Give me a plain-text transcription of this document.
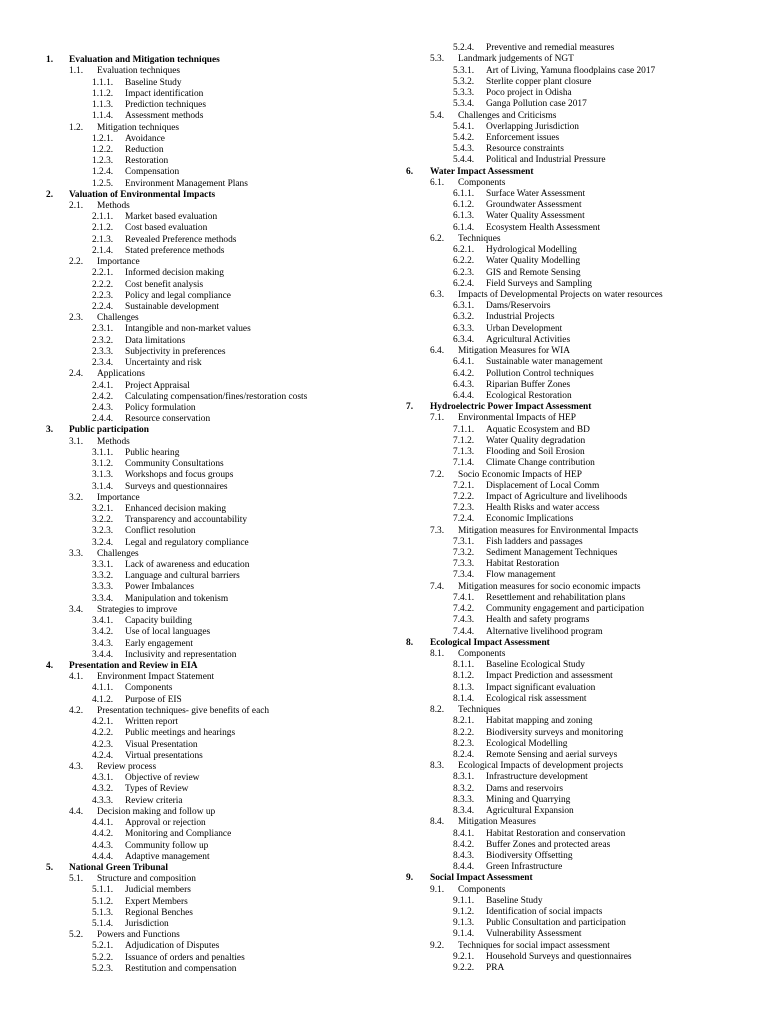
1. Evaluation and Mitigation techniques
1.1. Evaluation techniques
1.1.1. Baseline Study
1.1.2. Impact identification
1.1.3. Prediction techniques
1.1.4. Assessment methods
1.2. Mitigation techniques
1.2.1. Avoidance
1.2.2. Reduction
1.2.3. Restoration
1.2.4. Compensation
1.2.5. Environment Management Plans
2. Valuation of Environmental Impacts
2.1. Methods
2.1.1. Market based evaluation
2.1.2. Cost based evaluation
2.1.3. Revealed Preference methods
2.1.4. Stated preference methods
2.2. Importance
2.2.1. Informed decision making
2.2.2. Cost benefit analysis
2.2.3. Policy and legal compliance
2.2.4. Sustainable development
2.3. Challenges
2.3.1. Intangible and non-market values
2.3.2. Data limitations
2.3.3. Subjectivity in preferences
2.3.4. Uncertainty and risk
2.4. Applications
2.4.1. Project Appraisal
2.4.2. Calculating compensation/fines/restoration costs
2.4.3. Policy formulation
2.4.4. Resource conservation
3. Public participation
3.1. Methods
3.1.1. Public hearing
3.1.2. Community Consultations
3.1.3. Workshops and focus groups
3.1.4. Surveys and questionnaires
3.2. Importance
3.2.1. Enhanced decision making
3.2.2. Transparency and accountability
3.2.3. Conflict resolution
3.2.4. Legal and regulatory compliance
3.3. Challenges
3.3.1. Lack of awareness and education
3.3.2. Language and cultural barriers
3.3.3. Power Imbalances
3.3.4. Manipulation and tokenism
3.4. Strategies to improve
3.4.1. Capacity building
3.4.2. Use of local languages
3.4.3. Early engagement
3.4.4. Inclusivity and representation
4. Presentation and Review in EIA
4.1. Environment Impact Statement
4.1.1. Components
4.1.2. Purpose of EIS
4.2. Presentation techniques- give benefits of each
4.2.1. Written report
4.2.2. Public meetings and hearings
4.2.3. Visual Presentation
4.2.4. Virtual presentations
4.3. Review process
4.3.1. Objective of review
4.3.2. Types of Review
4.3.3. Review criteria
4.4. Decision making and follow up
4.4.1. Approval or rejection
4.4.2. Monitoring and Compliance
4.4.3. Community follow up
4.4.4. Adaptive management
5. National Green Tribunal
5.1. Structure and composition
5.1.1. Judicial members
5.1.2. Expert Members
5.1.3. Regional Benches
5.1.4. Jurisdiction
5.2. Powers and Functions
5.2.1. Adjudication of Disputes
5.2.2. Issuance of orders and penalties
5.2.3. Restitution and compensation
5.2.4. Preventive and remedial measures
5.3. Landmark judgements of NGT
5.3.1. Art of Living, Yamuna floodplains case 2017
5.3.2. Sterlite copper plant closure
5.3.3. Poco project in Odisha
5.3.4. Ganga Pollution case 2017
5.4. Challenges and Criticisms
5.4.1. Overlapping Jurisdiction
5.4.2. Enforcement issues
5.4.3. Resource constraints
5.4.4. Political and Industrial Pressure
6. Water Impact Assessment
6.1. Components
6.1.1. Surface Water Assessment
6.1.2. Groundwater Assessment
6.1.3. Water Quality Assessment
6.1.4. Ecosystem Health Assessment
6.2. Techniques
6.2.1. Hydrological Modelling
6.2.2. Water Quality Modelling
6.2.3. GIS and Remote Sensing
6.2.4. Field Surveys and Sampling
6.3. Impacts of Developmental Projects on water resources
6.3.1. Dams/Reservoirs
6.3.2. Industrial Projects
6.3.3. Urban Development
6.3.4. Agricultural Activities
6.4. Mitigation Measures for WIA
6.4.1. Sustainable water management
6.4.2. Pollution Control techniques
6.4.3. Riparian Buffer Zones
6.4.4. Ecological Restoration
7. Hydroelectric Power Impact Assessment
7.1. Environmental Impacts of HEP
7.1.1. Aquatic Ecosystem and BD
7.1.2. Water Quality degradation
7.1.3. Flooding and Soil Erosion
7.1.4. Climate Change contribution
7.2. Socio Economic Impacts of HEP
7.2.1. Displacement of Local Comm
7.2.2. Impact of Agriculture and livelihoods
7.2.3. Health Risks and water access
7.2.4. Economic Implications
7.3. Mitigation measures for Environmental Impacts
7.3.1. Fish ladders and passages
7.3.2. Sediment Management Techniques
7.3.3. Habitat Restoration
7.3.4. Flow management
7.4. Mitigation measures for socio economic impacts
7.4.1. Resettlement and rehabilitation plans
7.4.2. Community engagement and participation
7.4.3. Health and safety programs
7.4.4. Alternative livelihood program
8. Ecological Impact Assessment
8.1. Components
8.1.1. Baseline Ecological Study
8.1.2. Impact Prediction and assessment
8.1.3. Impact significant evaluation
8.1.4. Ecological risk assessment
8.2. Techniques
8.2.1. Habitat mapping and zoning
8.2.2. Biodiversity surveys and monitoring
8.2.3. Ecological Modelling
8.2.4. Remote Sensing and aerial surveys
8.3. Ecological Impacts of development projects
8.3.1. Infrastructure development
8.3.2. Dams and reservoirs
8.3.3. Mining and Quarrying
8.3.4. Agricultural Expansion
8.4. Mitigation Measures
8.4.1. Habitat Restoration and conservation
8.4.2. Buffer Zones and protected areas
8.4.3. Biodiversity Offsetting
8.4.4. Green Infrastructure
9. Social Impact Assessment
9.1. Components
9.1.1. Baseline Study
9.1.2. Identification of social impacts
9.1.3. Public Consultation and participation
9.1.4. Vulnerability Assessment
9.2. Techniques for social impact assessment
9.2.1. Household Surveys and questionnaires
9.2.2. PRA
